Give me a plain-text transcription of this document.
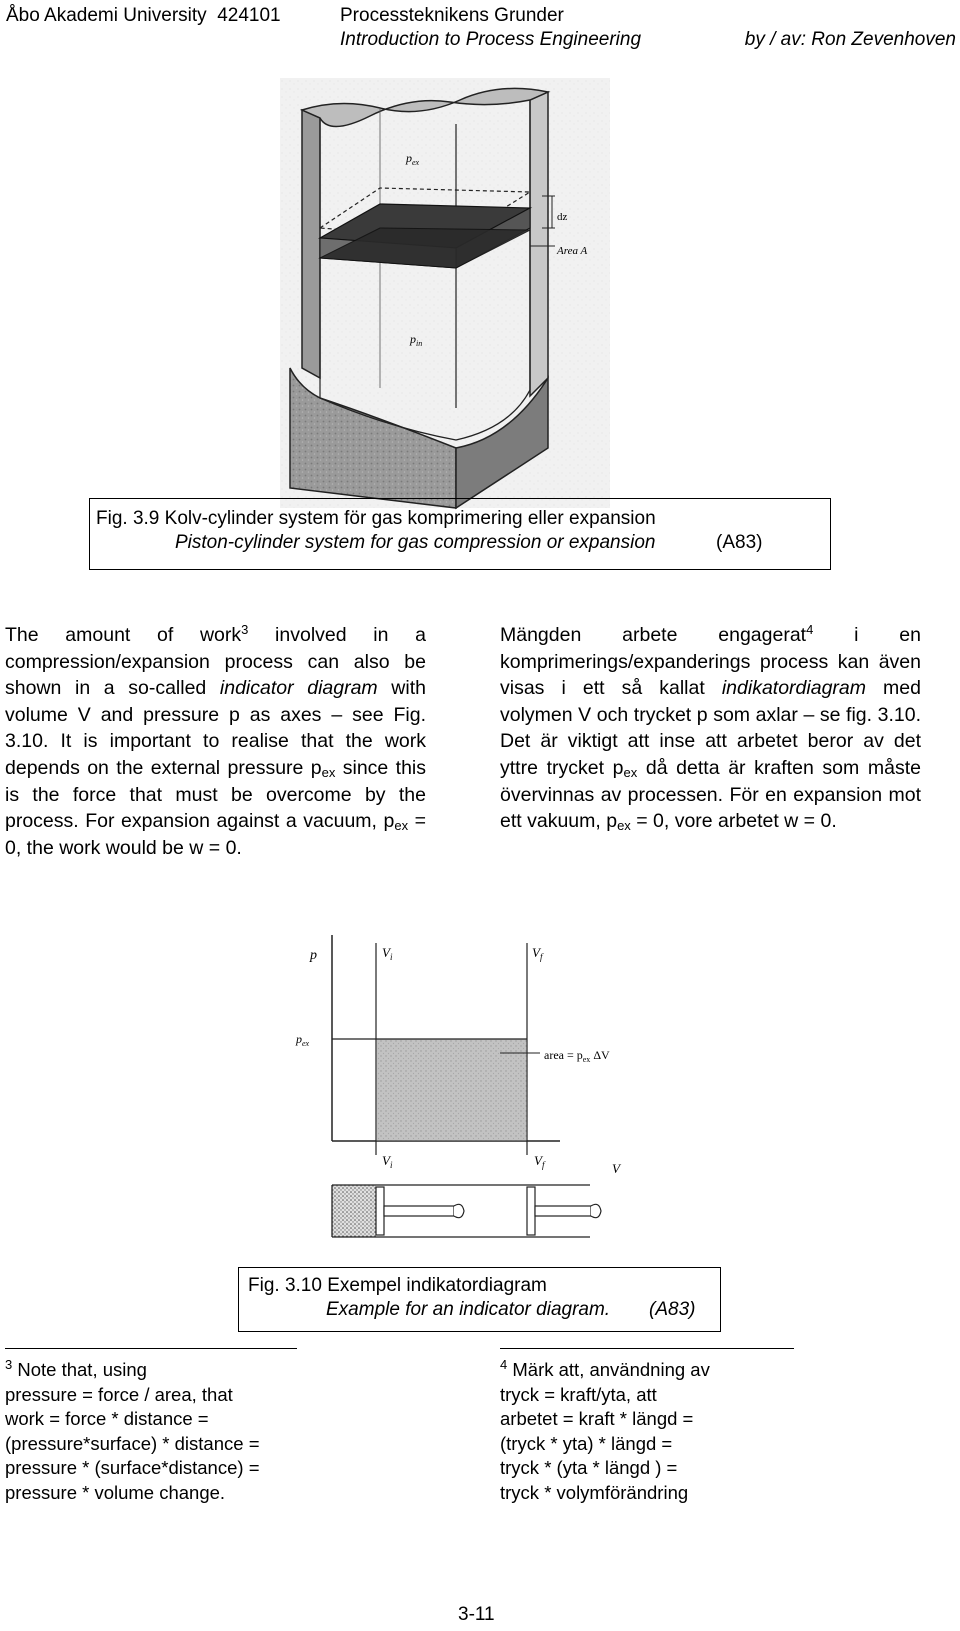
Åbo Akademi University 424101	Processteknikens Grunder
Introduction to Process Engineering	by / av: Ron Zevenhoven
dz
Area A
$p_{ex}$
$p_{in}$
Fig. 3.9 Kolv-cylinder system för gas komprimering eller expansion
Piston-cylinder system for gas compression or expansion	(A83)
The amount of work$^3$ involved in a compression/expansion process can also be shown in a so-called indicator diagram with volume V and pressure p as axes – see Fig. 3.10. It is important to realise that the work depends on the external pressure $p_{ex}$ since this is the force that must be overcome by the process. For expansion against a vacuum, $p_{ex} = 0$, the work would be w = 0.
Mängden arbete engagerat$^4$ i en komprimerings/expanderings process kan även visas i ett så kallat indikatordiagram med volymen V och trycket p som axlar – se fig. 3.10. Det är viktigt att inse att arbetet beror av det yttre trycket $p_{ex}$ då detta är kraften som måste övervinnas av processen. För en expansion mot ett vakuum, $p_{ex} = 0$, vore arbetet w = 0.
p	$V_i$	$V_f$
$p_{ex}$
area = $p_{ex}$ ΔV
$V_i$	$V_f$	V
Fig. 3.10 Exempel indikatordiagram
Example for an indicator diagram. (A83)
$^3$ Note that, using
pressure = force / area, that
work = force * distance =
(pressure*surface) * distance =
pressure * (surface*distance) =
pressure * volume change.
$^4$ Märk att, användning av
tryck = kraft/yta, att
arbetet = kraft * längd =
(tryck * yta) * längd =
tryck * (yta * längd ) =
tryck * volymförändring
3-11
